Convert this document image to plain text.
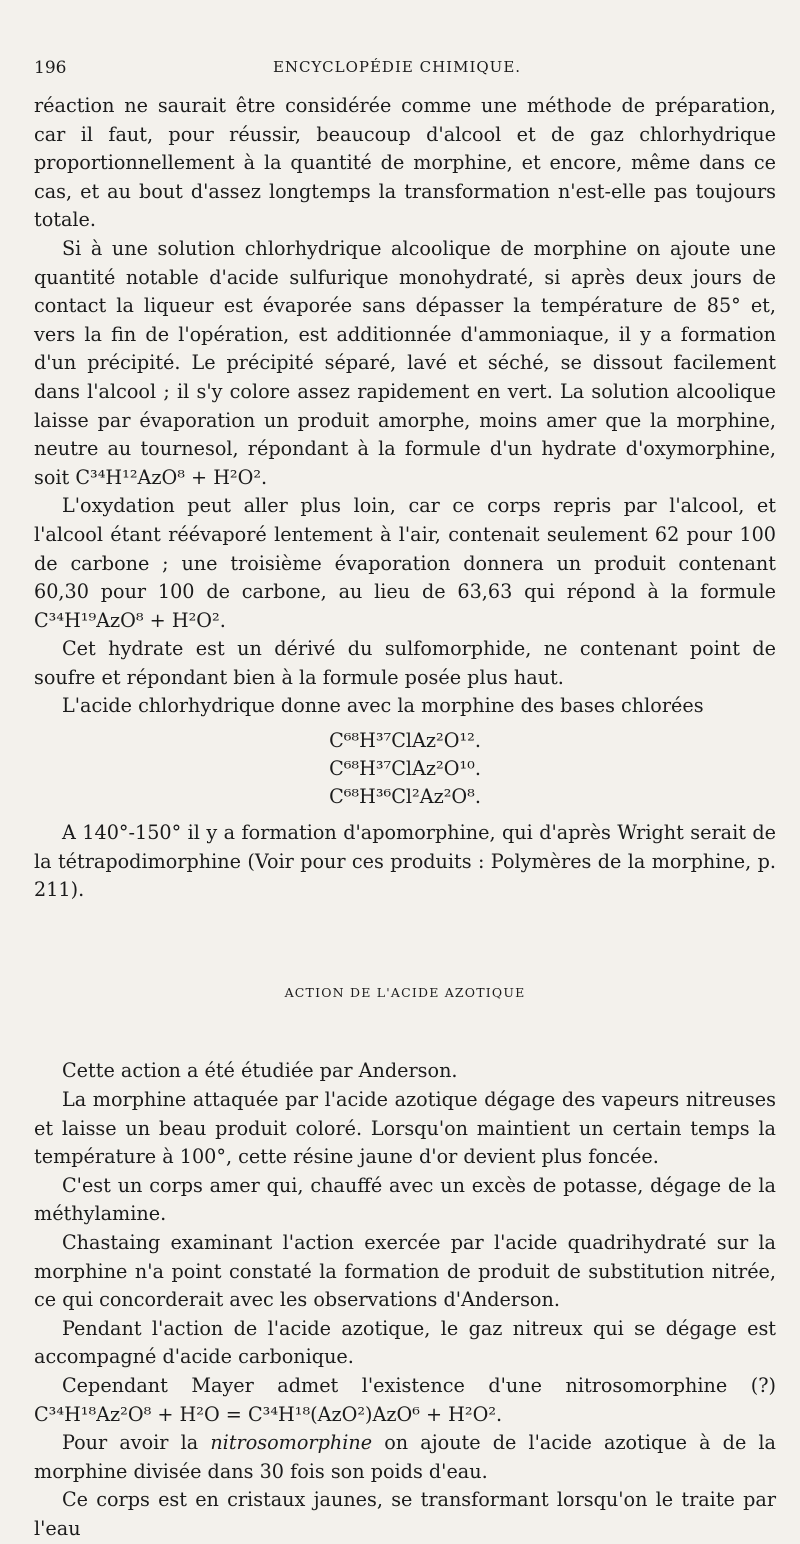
196	ENCYCLOPÉDIE CHIMIQUE.

réaction ne saurait être considérée comme une méthode de préparation, car il faut, pour réussir, beaucoup d'alcool et de gaz chlorhydrique proportionnellement à la quantité de morphine, et encore, même dans ce cas, et au bout d'assez longtemps la transformation n'est-elle pas toujours totale.

Si à une solution chlorhydrique alcoolique de morphine on ajoute une quantité notable d'acide sulfurique monohydraté, si après deux jours de contact la liqueur est évaporée sans dépasser la température de 85° et, vers la fin de l'opération, est additionnée d'ammoniaque, il y a formation d'un précipité. Le précipité séparé, lavé et séché, se dissout facilement dans l'alcool ; il s'y colore assez rapidement en vert. La solution alcoolique laisse par évaporation un produit amorphe, moins amer que la morphine, neutre au tournesol, répondant à la formule d'un hydrate d'oxymorphine, soit C³⁴H¹²AzO⁸ + H²O².

L'oxydation peut aller plus loin, car ce corps repris par l'alcool, et l'alcool étant réévaporé lentement à l'air, contenait seulement 62 pour 100 de carbone ; une troisième évaporation donnera un produit contenant 60,30 pour 100 de carbone, au lieu de 63,63 qui répond à la formule C³⁴H¹⁹AzO⁸ + H²O².

Cet hydrate est un dérivé du sulfomorphide, ne contenant point de soufre et répondant bien à la formule posée plus haut.

L'acide chlorhydrique donne avec la morphine des bases chlorées

C⁶⁸H³⁷ClAz²O¹².
C⁶⁸H³⁷ClAz²O¹⁰.
C⁶⁸H³⁶Cl²Az²O⁸.

A 140°-150° il y a formation d'apomorphine, qui d'après Wright serait de la tétrapodimorphine (Voir pour ces produits : Polymères de la morphine, p. 211).

ACTION DE L'ACIDE AZOTIQUE

Cette action a été étudiée par Anderson.

La morphine attaquée par l'acide azotique dégage des vapeurs nitreuses et laisse un beau produit coloré. Lorsqu'on maintient un certain temps la température à 100°, cette résine jaune d'or devient plus foncée.

C'est un corps amer qui, chauffé avec un excès de potasse, dégage de la méthylamine.

Chastaing examinant l'action exercée par l'acide quadrihydraté sur la morphine n'a point constaté la formation de produit de substitution nitrée, ce qui concorderait avec les observations d'Anderson.

Pendant l'action de l'acide azotique, le gaz nitreux qui se dégage est accompagné d'acide carbonique.

Cependant Mayer admet l'existence d'une nitrosomorphine (?) C³⁴H¹⁸Az²O⁸ + H²O = C³⁴H¹⁸(AzO²)AzO⁶ + H²O².

Pour avoir la nitrosomorphine on ajoute de l'acide azotique à de la morphine divisée dans 30 fois son poids d'eau.

Ce corps est en cristaux jaunes, se transformant lorsqu'on le traite par l'eau
